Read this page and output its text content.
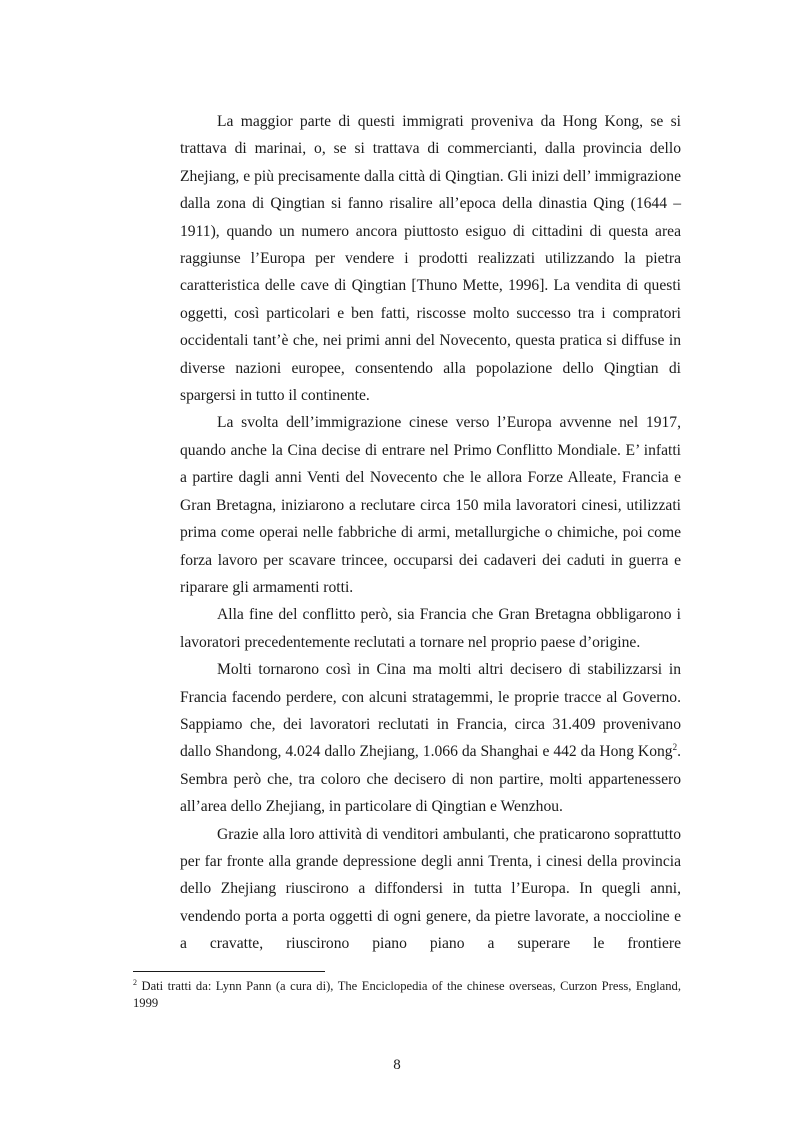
La maggior parte di questi immigrati proveniva da Hong Kong, se si trattava di marinai, o, se si trattava di commercianti, dalla provincia dello Zhejiang, e più precisamente dalla città di Qingtian. Gli inizi dell’ immigrazione dalla zona di Qingtian si fanno risalire all’epoca della dinastia Qing (1644 – 1911), quando un numero ancora piuttosto esiguo di cittadini di questa area raggiunse l’Europa per vendere i prodotti realizzati utilizzando la pietra caratteristica delle cave di Qingtian [Thuno Mette, 1996]. La vendita di questi oggetti, così particolari e ben fatti, riscosse molto successo tra i compratori occidentali tant’è che, nei primi anni del Novecento, questa pratica si diffuse in diverse nazioni europee, consentendo alla popolazione dello Qingtian di spargersi in tutto il continente.

La svolta dell’immigrazione cinese verso l’Europa avvenne nel 1917, quando anche la Cina decise di entrare nel Primo Conflitto Mondiale. E’ infatti a partire dagli anni Venti del Novecento che le allora Forze Alleate, Francia e Gran Bretagna, iniziarono a reclutare circa 150 mila lavoratori cinesi, utilizzati prima come operai nelle fabbriche di armi, metallurgiche o chimiche, poi come forza lavoro per scavare trincee, occuparsi dei cadaveri dei caduti in guerra e riparare gli armamenti rotti.

Alla fine del conflitto però, sia Francia che Gran Bretagna obbligarono i lavoratori precedentemente reclutati a tornare nel proprio paese d’origine.

Molti tornarono così in Cina ma molti altri decisero di stabilizzarsi in Francia facendo perdere, con alcuni stratagemmi, le proprie tracce al Governo. Sappiamo che, dei lavoratori reclutati in Francia, circa 31.409 provenivano dallo Shandong, 4.024 dallo Zhejiang, 1.066 da Shanghai e 442 da Hong Kong$^2$. Sembra però che, tra coloro che decisero di non partire, molti appartenessero all’area dello Zhejiang, in particolare di Qingtian e Wenzhou.

Grazie alla loro attività di venditori ambulanti, che praticarono soprattutto per far fronte alla grande depressione degli anni Trenta, i cinesi della provincia dello Zhejiang riuscirono a diffondersi in tutta l’Europa. In quegli anni, vendendo porta a porta oggetti di ogni genere, da pietre lavorate, a noccioline e a cravatte, riuscirono piano piano a superare le frontiere

$^2$ Dati tratti da: Lynn Pann (a cura di), The Enciclopedia of the chinese overseas, Curzon Press, England, 1999
8
